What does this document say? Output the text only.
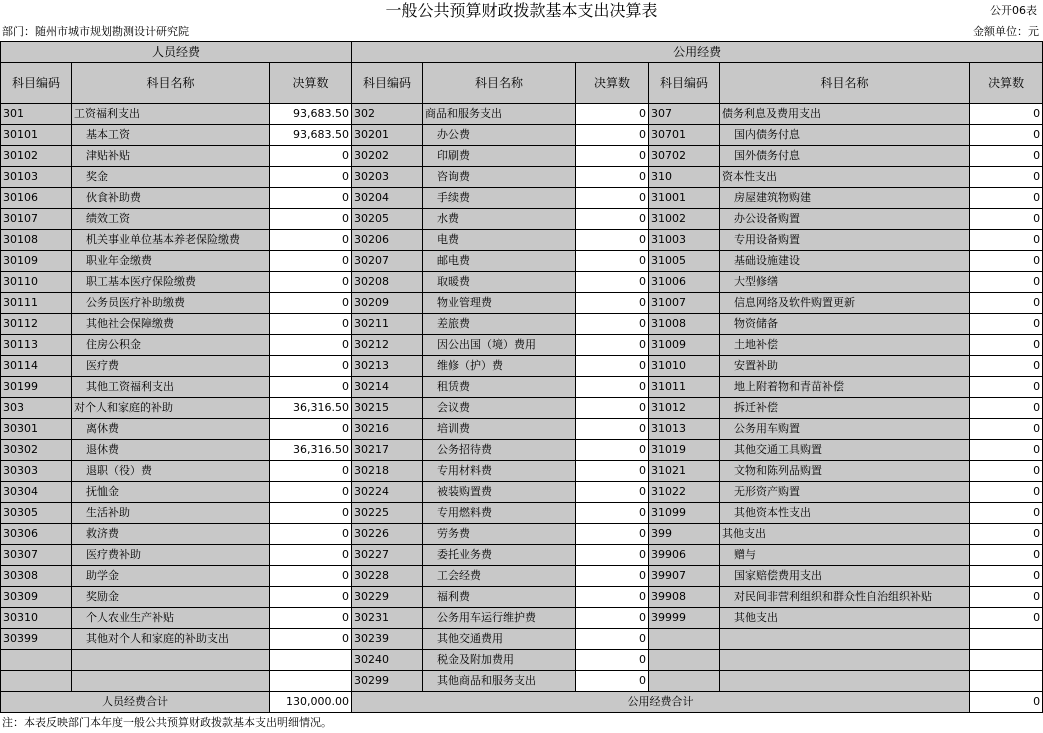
一般公共预算财政拨款基本支出决算表	公开06表
部门：随州市城市规划勘测设计研究院	金额单位：元
人员经费			公用经费					
科目编码	科目名称	决算数	科目编码	科目名称	决算数	科目编码	科目名称	决算数
301	工资福利支出	93,683.50	302	商品和服务支出	0	307	债务利息及费用支出	0
30101	基本工资	93,683.50	30201	办公费	0	30701	国内债务付息	0
30102	津贴补贴	0	30202	印刷费	0	30702	国外债务付息	0
30103	奖金	0	30203	咨询费	0	310	资本性支出	0
30106	伙食补助费	0	30204	手续费	0	31001	房屋建筑物购建	0
30107	绩效工资	0	30205	水费	0	31002	办公设备购置	0
30108	机关事业单位基本养老保险缴费	0	30206	电费	0	31003	专用设备购置	0
30109	职业年金缴费	0	30207	邮电费	0	31005	基础设施建设	0
30110	职工基本医疗保险缴费	0	30208	取暖费	0	31006	大型修缮	0
30111	公务员医疗补助缴费	0	30209	物业管理费	0	31007	信息网络及软件购置更新	0
30112	其他社会保障缴费	0	30211	差旅费	0	31008	物资储备	0
30113	住房公积金	0	30212	因公出国（境）费用	0	31009	土地补偿	0
30114	医疗费	0	30213	维修（护）费	0	31010	安置补助	0
30199	其他工资福利支出	0	30214	租赁费	0	31011	地上附着物和青苗补偿	0
303	对个人和家庭的补助	36,316.50	30215	会议费	0	31012	拆迁补偿	0
30301	离休费	0	30216	培训费	0	31013	公务用车购置	0
30302	退休费	36,316.50	30217	公务招待费	0	31019	其他交通工具购置	0
30303	退职（役）费	0	30218	专用材料费	0	31021	文物和陈列品购置	0
30304	抚恤金	0	30224	被装购置费	0	31022	无形资产购置	0
30305	生活补助	0	30225	专用燃料费	0	31099	其他资本性支出	0
30306	救济费	0	30226	劳务费	0	399	其他支出	0
30307	医疗费补助	0	30227	委托业务费	0	39906	赠与	0
30308	助学金	0	30228	工会经费	0	39907	国家赔偿费用支出	0
30309	奖励金	0	30229	福利费	0	39908	对民间非营利组织和群众性自治组织补贴	0
30310	个人农业生产补贴	0	30231	公务用车运行维护费	0	39999	其他支出	0
30399	其他对个人和家庭的补助支出	0	30239	其他交通费用	0			
			30240	税金及附加费用	0			
			30299	其他商品和服务支出	0			
人员经费合计		130,000.00	公用经费合计					0
注：本表反映部门本年度一般公共预算财政拨款基本支出明细情况。
